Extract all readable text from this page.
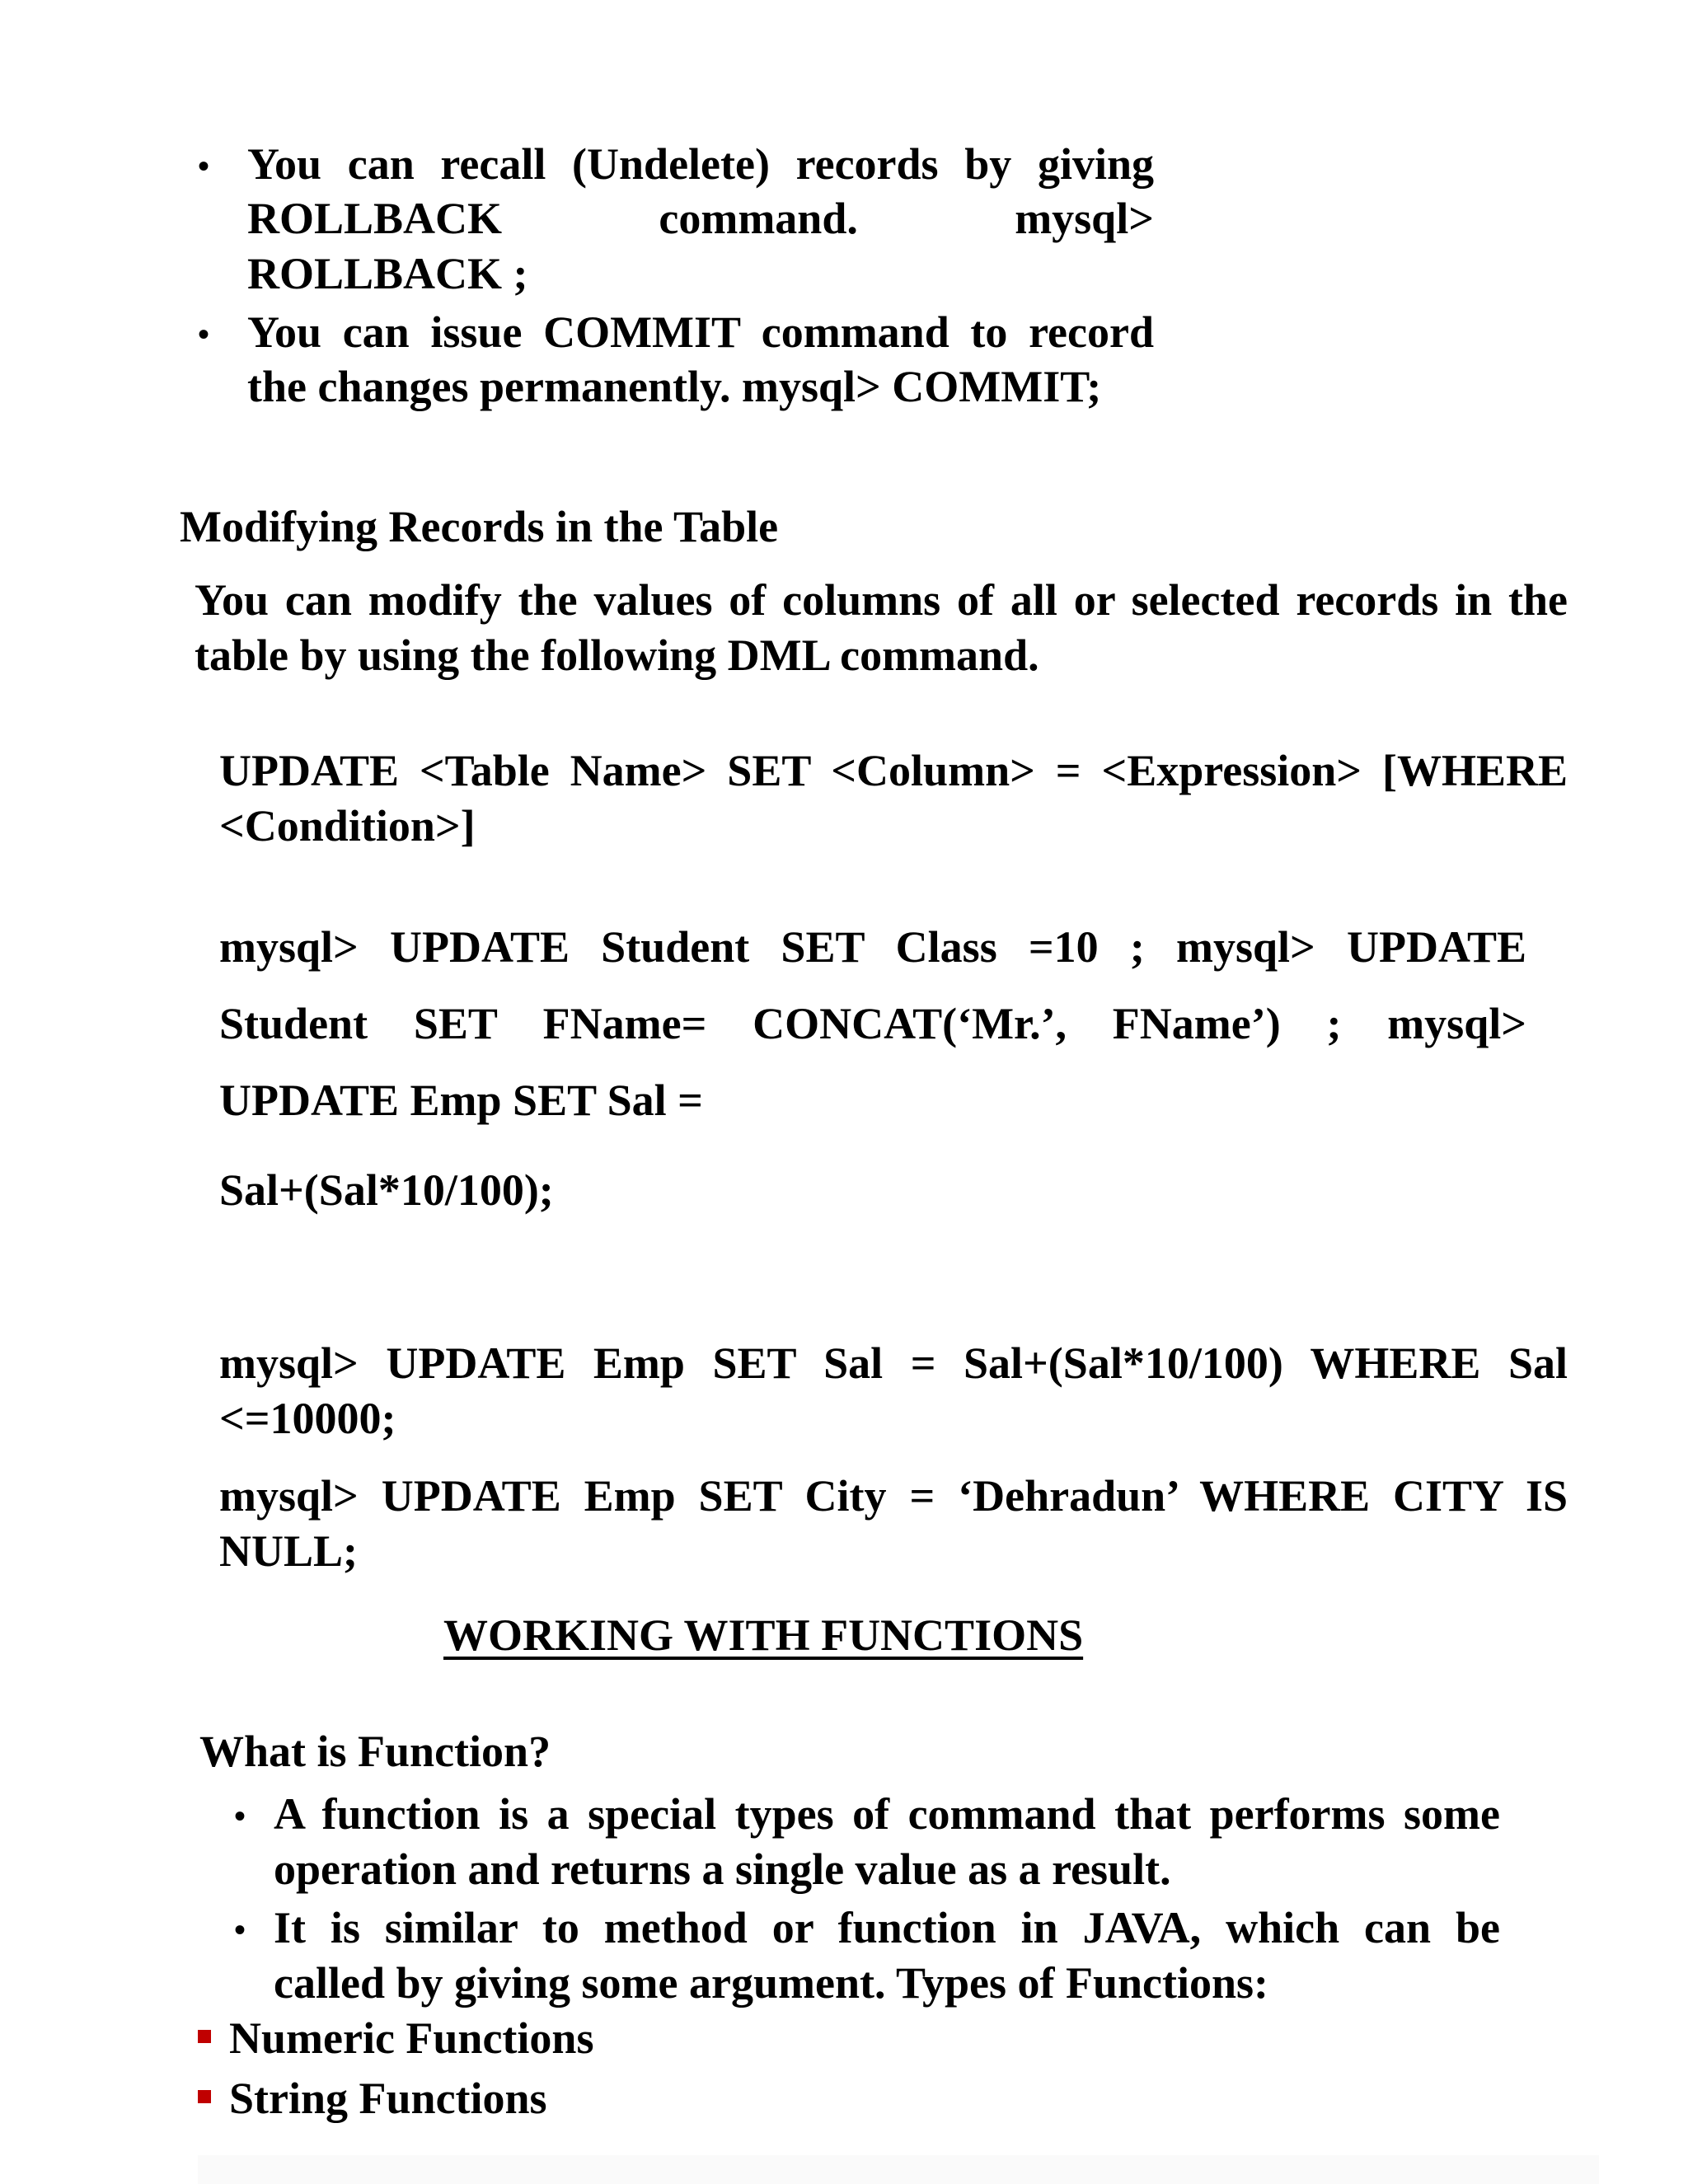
• You can recall (Undelete) records by giving
ROLLBACK command. mysql>
ROLLBACK ;
• You can issue COMMIT command to record
the changes permanently. mysql> COMMIT;
Modifying Records in the Table
You can modify the values of columns of all or selected records in the
table by using the following DML command.
UPDATE <Table Name> SET <Column> = <Expression> [WHERE
<Condition>]
mysql> UPDATE Student SET Class =10 ; mysql> UPDATE
Student SET FName= CONCAT(‘Mr.’, FName’) ; mysql>
UPDATE Emp SET Sal =
Sal+(Sal*10/100);
mysql> UPDATE Emp SET Sal = Sal+(Sal*10/100) WHERE Sal
<=10000;
mysql> UPDATE Emp SET City = ‘Dehradun’ WHERE CITY IS
NULL;
WORKING WITH FUNCTIONS
What is Function?
• A function is a special types of command that performs some
operation and returns a single value as a result.
• It is similar to method or function in JAVA, which can be
called by giving some argument. Types of Functions:
Numeric Functions
String Functions
